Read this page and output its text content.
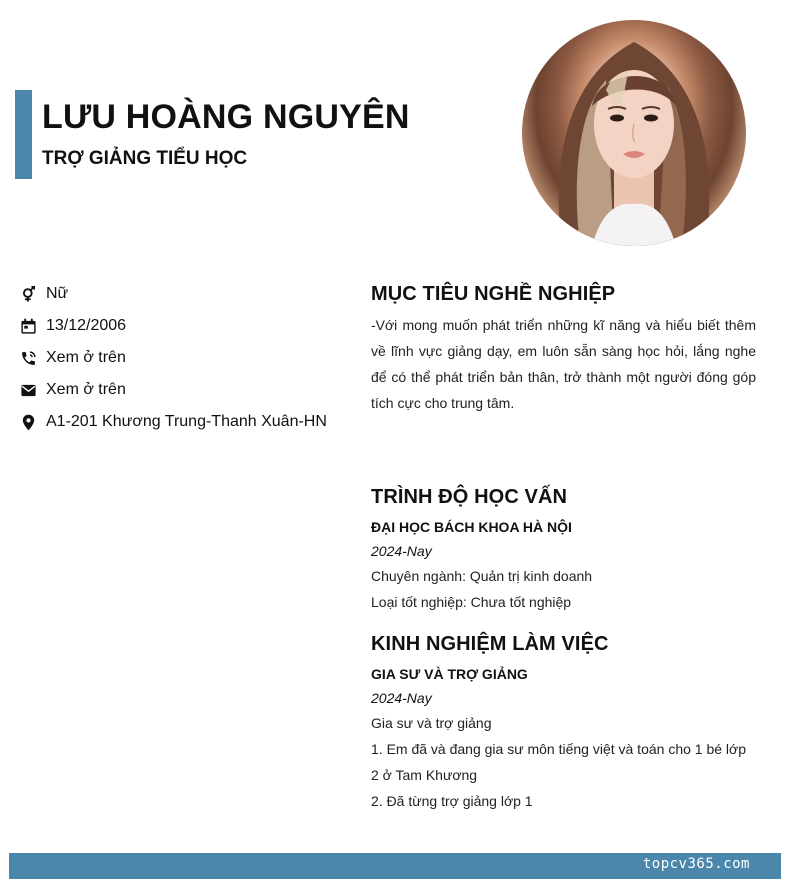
LƯU HOÀNG NGUYÊN
TRỢ GIẢNG TIỂU HỌC
Nữ
13/12/2006
Xem ở trên
Xem ở trên
A1-201 Khương Trung-Thanh Xuân-HN
MỤC TIÊU NGHỀ NGHIỆP
-Với mong muốn phát triển những kĩ năng và hiểu biết thêm về lĩnh vực giảng dạy, em luôn sẵn sàng học hỏi, lắng nghe để có thể phát triển bản thân, trở thành một người đóng góp tích cực cho trung tâm.
TRÌNH ĐỘ HỌC VẤN
ĐẠI HỌC BÁCH KHOA HÀ NỘI
2024-Nay
Chuyên ngành: Quản trị kinh doanh
Loại tốt nghiệp: Chưa tốt nghiệp
KINH NGHIỆM LÀM VIỆC
GIA SƯ VÀ TRỢ GIẢNG
2024-Nay
Gia sư và trợ giảng
1. Em đã và đang gia sư môn tiếng việt và toán cho 1 bé lớp 2 ở Tam Khương
2. Đã từng trợ giảng lớp 1
topcv365.com
